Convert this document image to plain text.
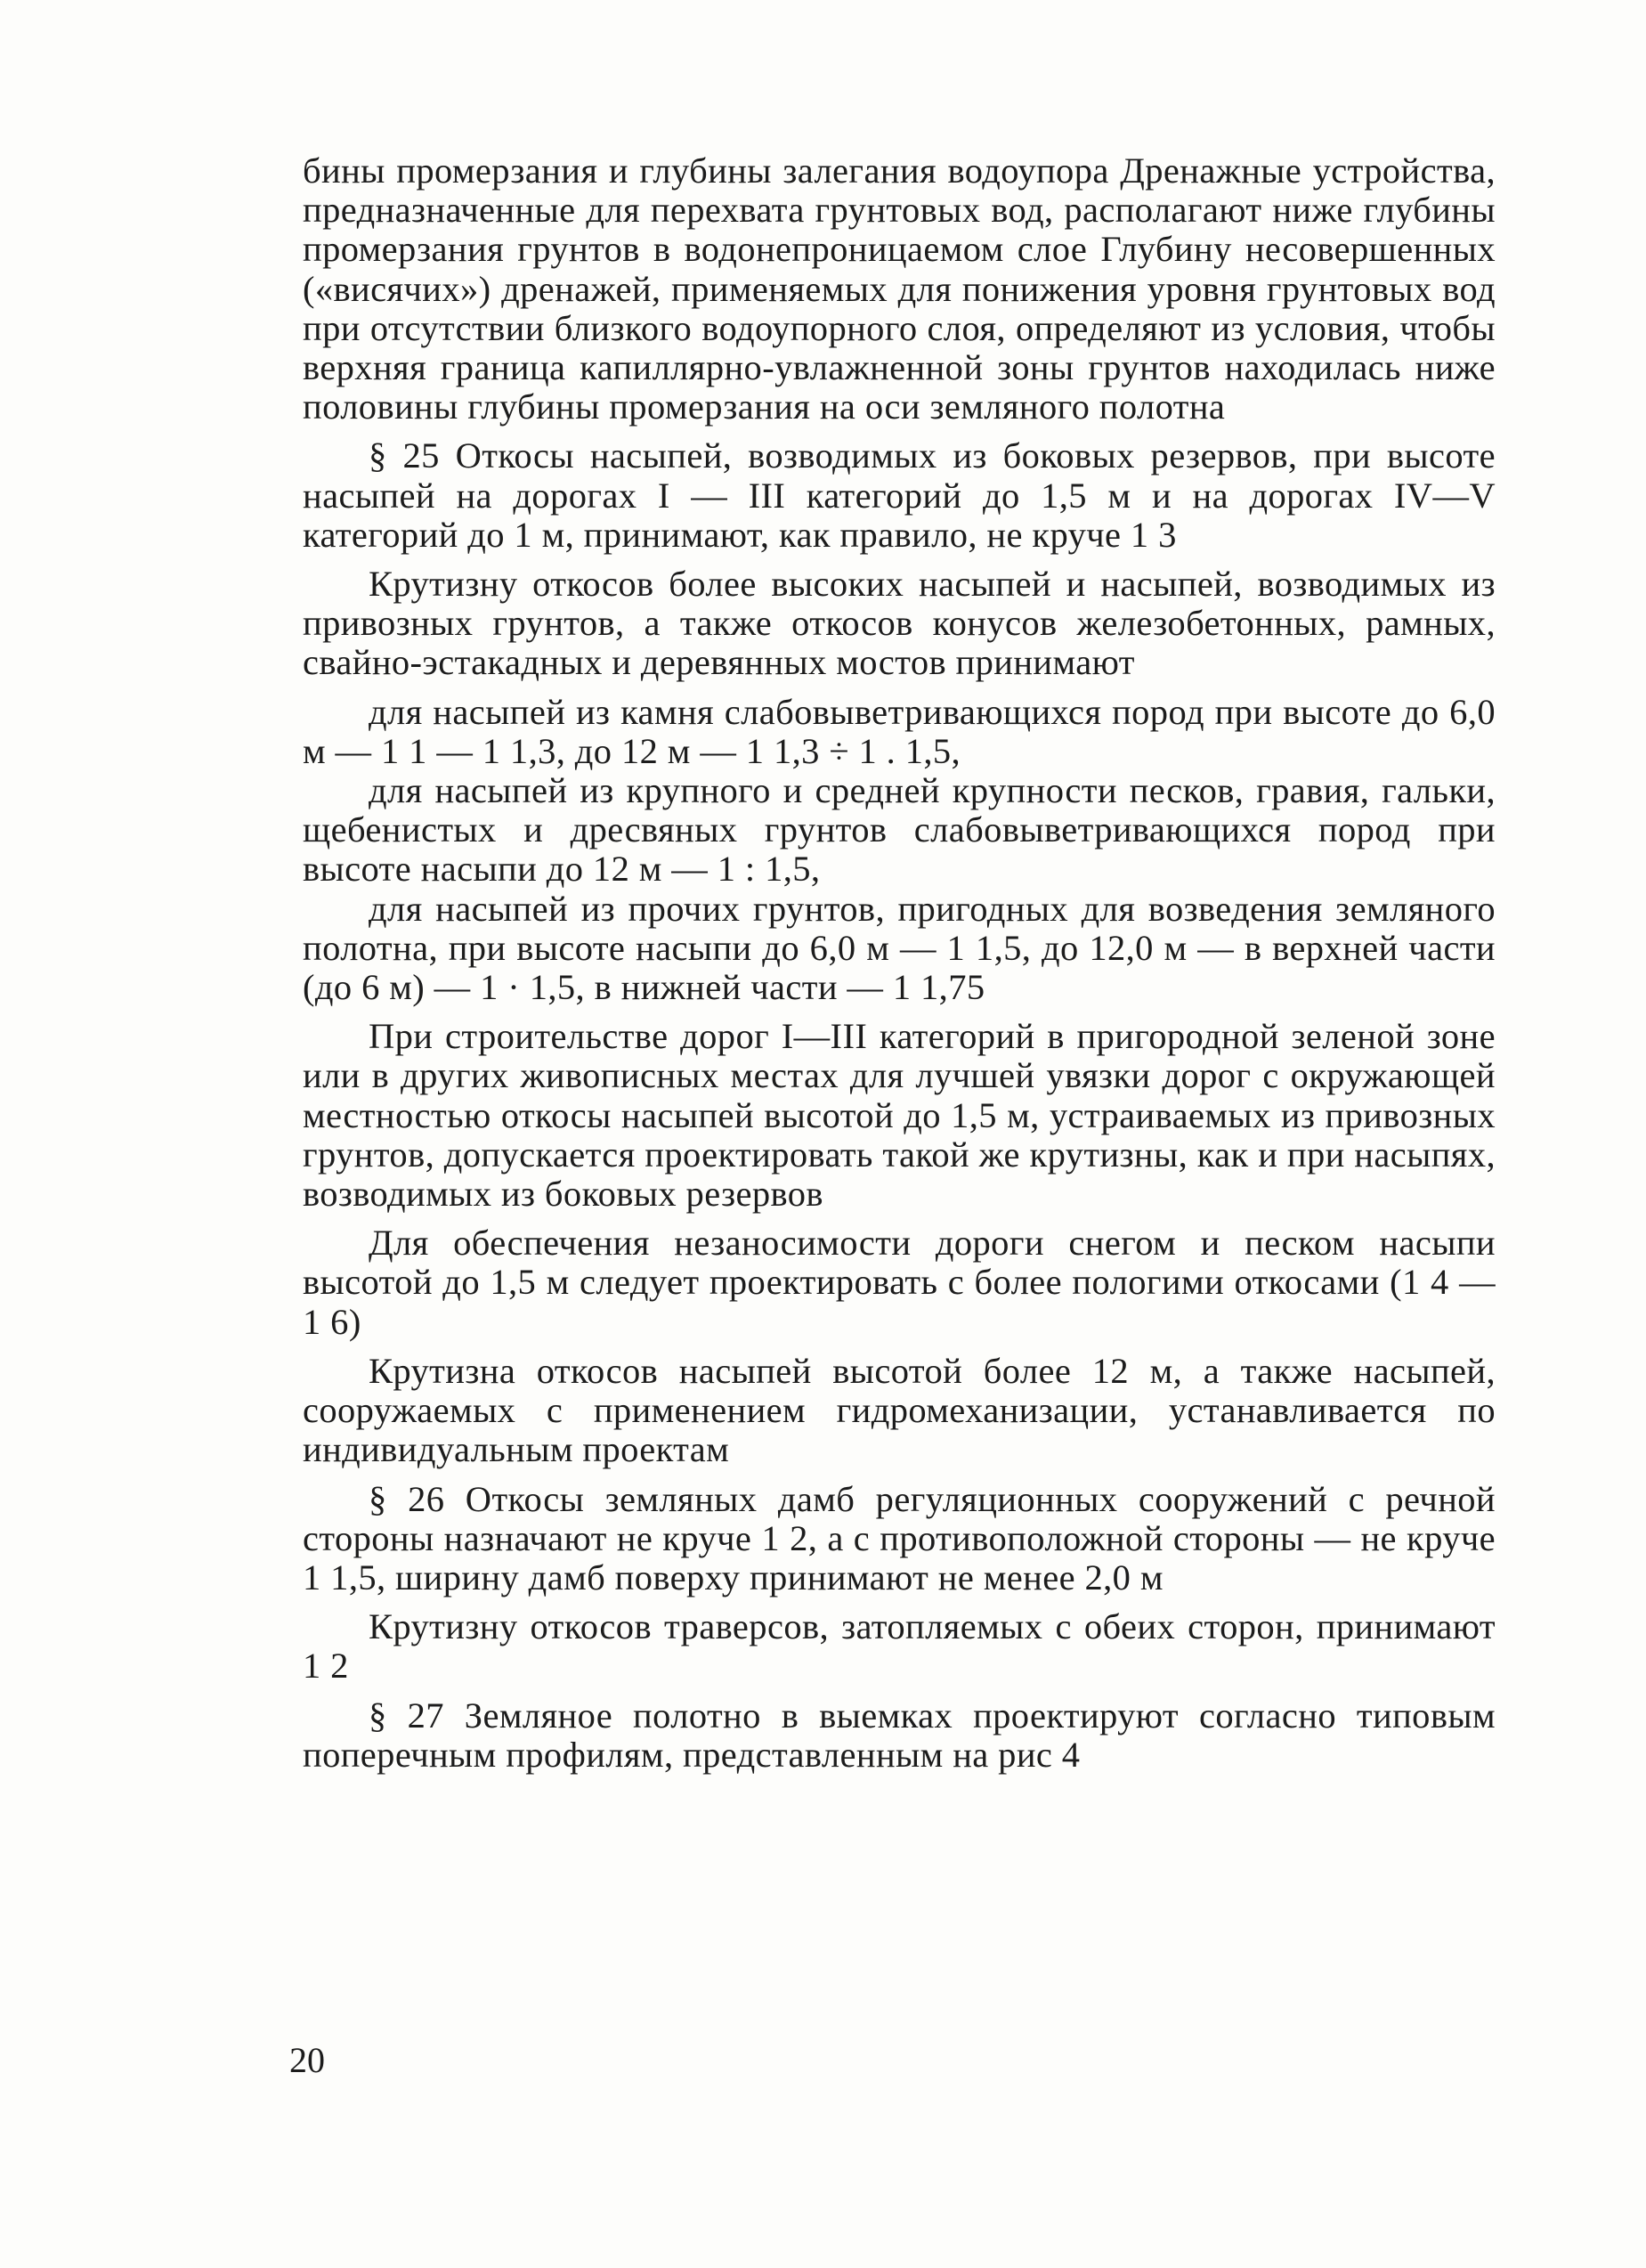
бины промерзания и глубины залегания водоупора Дренажные устройства, предназначенные для перехвата грунтовых вод, располагают ниже глубины промерзания грунтов в водонепроницаемом слое Глубину несовершенных («висячих») дренажей, применяемых для понижения уровня грунтовых вод при отсутствии близкого водоупорного слоя, определяют из условия, чтобы верхняя граница капиллярно-увлажненной зоны грунтов находилась ниже половины глубины промерзания на оси земляного полотна

§ 25 Откосы насыпей, возводимых из боковых резервов, при высоте насыпей на дорогах I — III категорий до 1,5 м и на дорогах IV—V категорий до 1 м, принимают, как правило, не круче 1 3

Крутизну откосов более высоких насыпей и насыпей, возводимых из привозных грунтов, а также откосов конусов железобетонных, рамных, свайно-эстакадных и деревянных мостов принимают

для насыпей из камня слабовыветривающихся пород при высоте до 6,0 м — 1 1 — 1 1,3, до 12 м — 1 1,3 ÷ 1 . 1,5,

для насыпей из крупного и средней крупности песков, гравия, гальки, щебенистых и дресвяных грунтов слабовыветривающихся пород при высоте насыпи до 12 м — 1 : 1,5,

для насыпей из прочих грунтов, пригодных для возведения земляного полотна, при высоте насыпи до 6,0 м — 1 1,5, до 12,0 м — в верхней части (до 6 м) — 1 · 1,5, в нижней части — 1 1,75

При строительстве дорог I—III категорий в пригородной зеленой зоне или в других живописных местах для лучшей увязки дорог с окружающей местностью откосы насыпей высотой до 1,5 м, устраиваемых из привозных грунтов, допускается проектировать такой же крутизны, как и при насыпях, возводимых из боковых резервов

Для обеспечения незаносимости дороги снегом и песком насыпи высотой до 1,5 м следует проектировать с более пологими откосами (1 4 — 1 6)

Крутизна откосов насыпей высотой более 12 м, а также насыпей, сооружаемых с применением гидромеханизации, устанавливается по индивидуальным проектам

§ 26 Откосы земляных дамб регуляционных сооружений с речной стороны назначают не круче 1 2, а с противоположной стороны — не круче 1 1,5, ширину дамб поверху принимают не менее 2,0 м

Крутизну откосов траверсов, затопляемых с обеих сторон, принимают 1 2

§ 27 Земляное полотно в выемках проектируют согласно типовым поперечным профилям, представленным на рис 4

20
